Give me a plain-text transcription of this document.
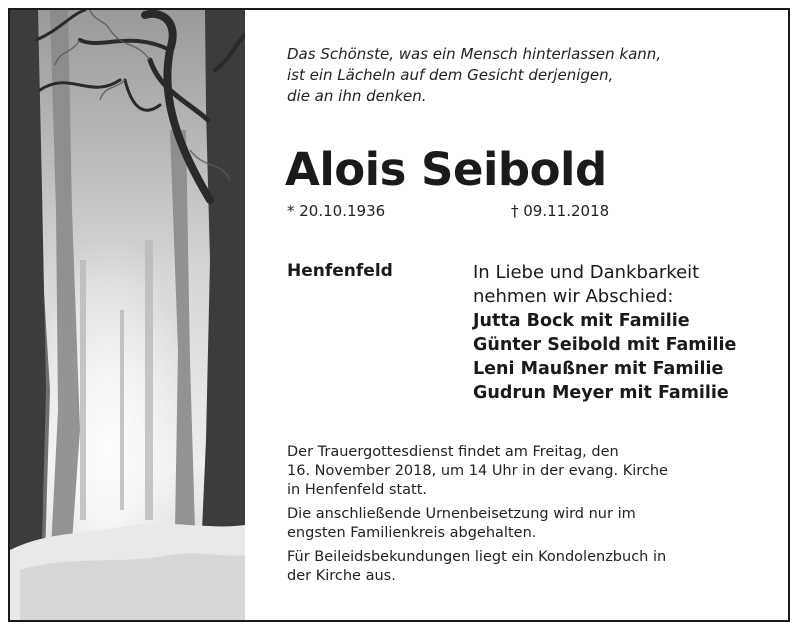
Das Schönste, was ein Mensch hinterlassen kann,
ist ein Lächeln auf dem Gesicht derjenigen,
die an ihn denken.
Alois Seibold
* 20.10.1936	† 09.11.2018
Henfenfeld	In Liebe und Dankbarkeit
nehmen wir Abschied:
Jutta Bock mit Familie
Günter Seibold mit Familie
Leni Maußner mit Familie
Gudrun Meyer mit Familie

Der Trauergottesdienst findet am Freitag, den
16. November 2018, um 14 Uhr in der evang. Kirche
in Henfenfeld statt.

Die anschließende Urnenbeisetzung wird nur im
engsten Familienkreis abgehalten.

Für Beileidsbekundungen liegt ein Kondolenzbuch in
der Kirche aus.
